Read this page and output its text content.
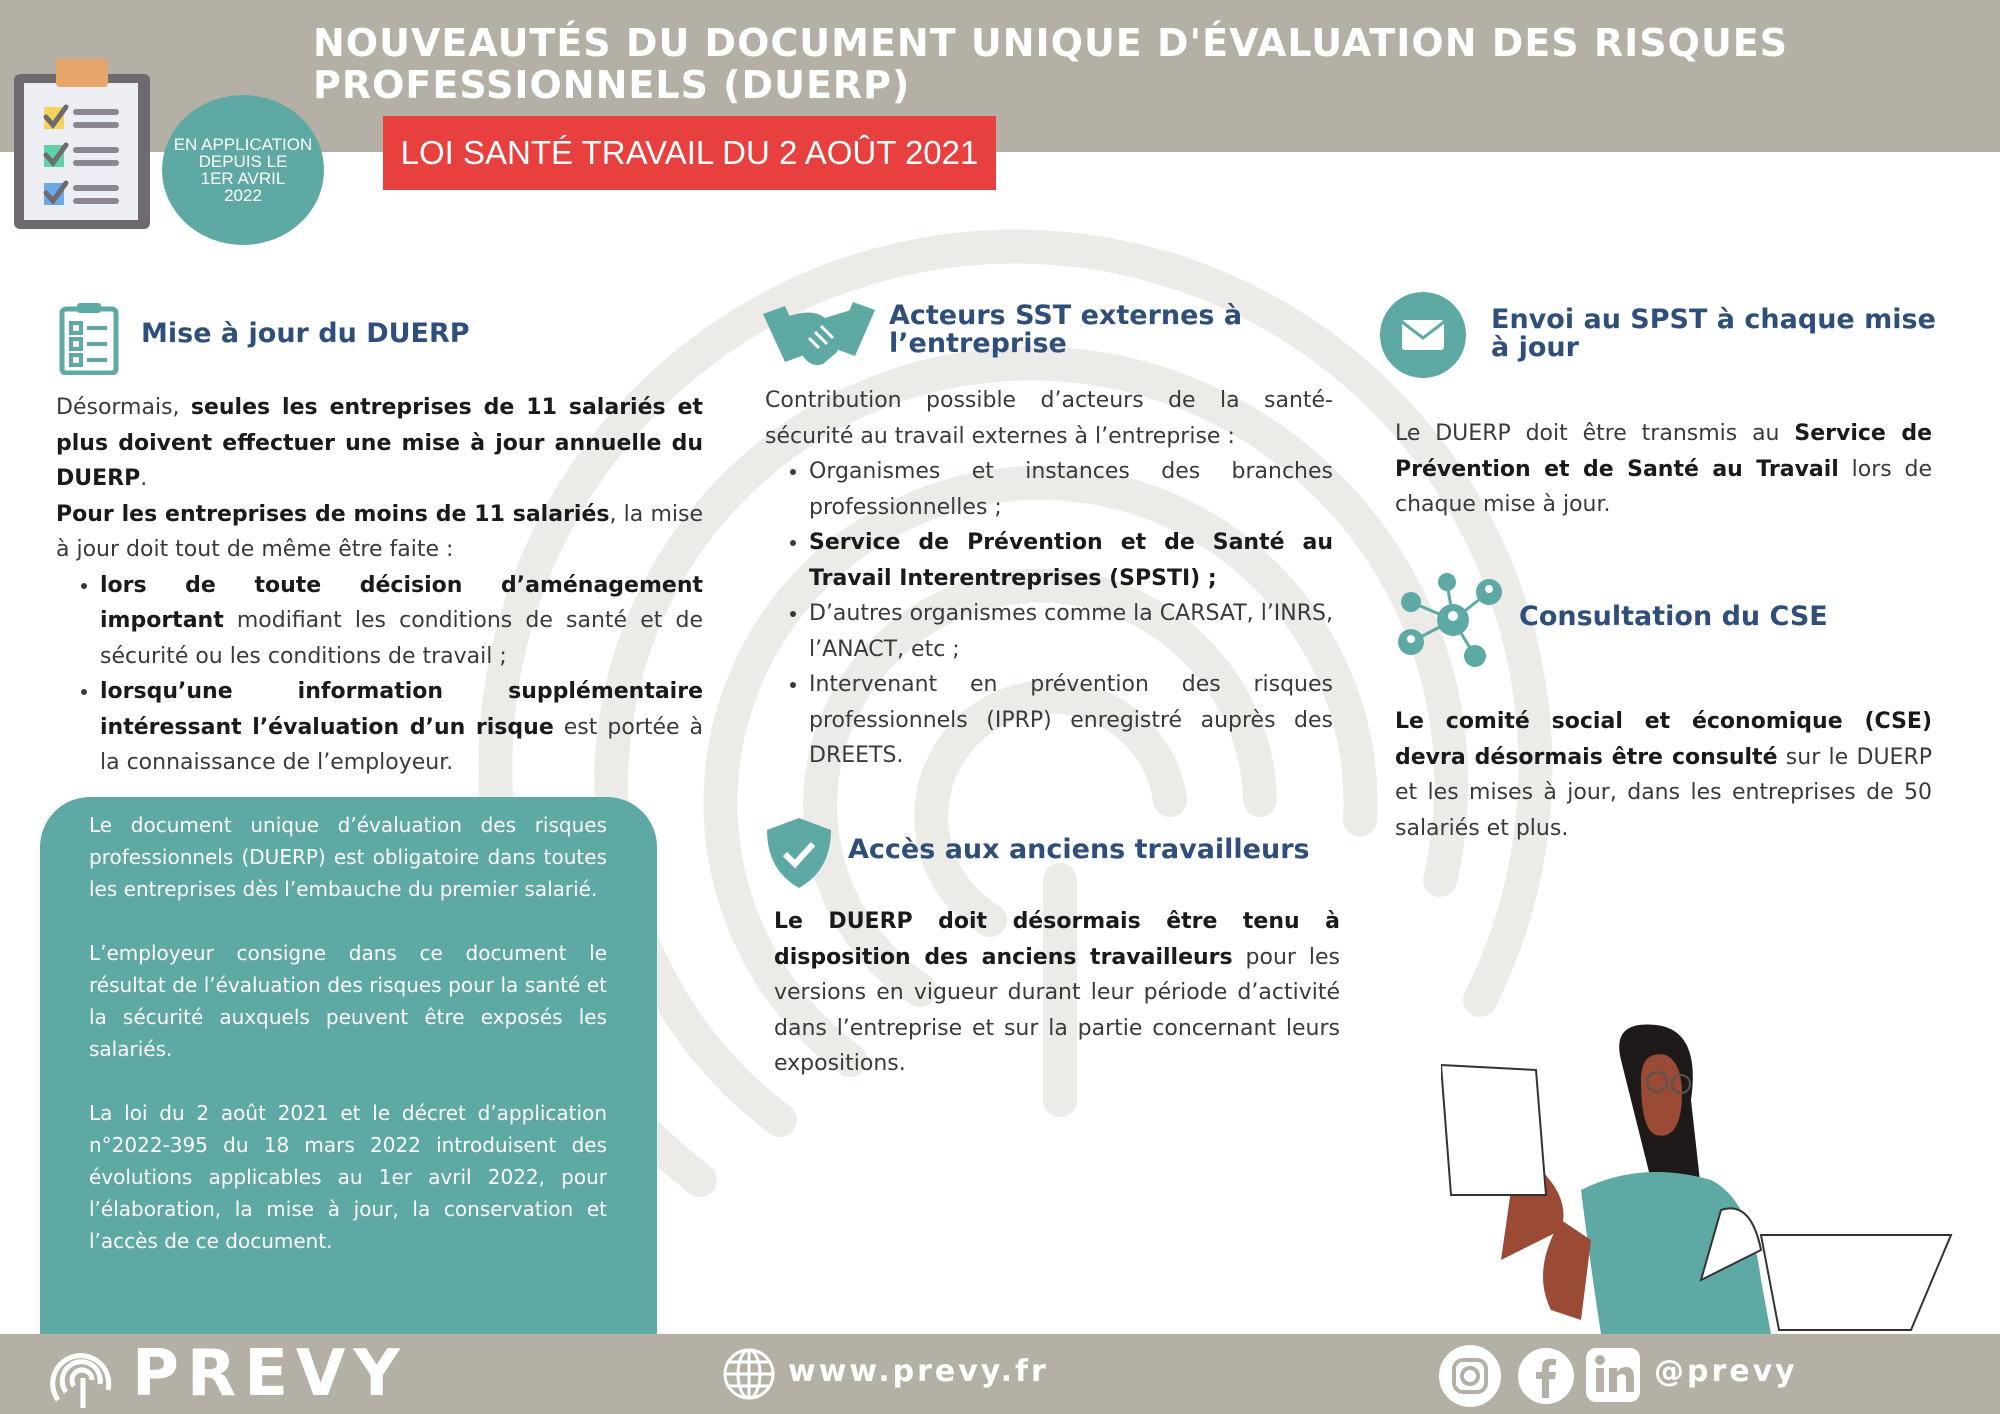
NOUVEAUTÉS DU DOCUMENT UNIQUE D'ÉVALUATION DES RISQUES
PROFESSIONNELS (DUERP)
LOI SANTÉ TRAVAIL DU 2 AOÛT 2021
EN APPLICATION
DEPUIS LE
1ER AVRIL
2022
Mise à jour du DUERP

Désormais, seules les entreprises de 11 salariés et plus doivent effectuer une mise à jour annuelle du DUERP.

Pour les entreprises de moins de 11 salariés, la mise à jour doit tout de même être faite :

• lors de toute décision d’aménagement important modifiant les conditions de santé et de sécurité ou les conditions de travail ;
• lorsqu’une information supplémentaire intéressant l’évaluation d’un risque est portée à la connaissance de l’employeur.

Le document unique d’évaluation des risques professionnels (DUERP) est obligatoire dans toutes les entreprises dès l’embauche du premier salarié.

L’employeur consigne dans ce document le résultat de l’évaluation des risques pour la santé et la sécurité auxquels peuvent être exposés les salariés.

La loi du 2 août 2021 et le décret d’application n°2022-395 du 18 mars 2022 introduisent des évolutions applicables au 1er avril 2022, pour l’élaboration, la mise à jour, la conservation et l’accès de ce document.

Acteurs SST externes à l’entreprise

Contribution possible d’acteurs de la santé-sécurité au travail externes à l’entreprise :

• Organismes et instances des branches professionnelles ;
• Service de Prévention et de Santé au Travail Interentreprises (SPSTI) ;
• D’autres organismes comme la CARSAT, l’INRS, l’ANACT, etc ;
• Intervenant en prévention des risques professionnels (IPRP) enregistré auprès des DREETS.
Accès aux anciens travailleurs

Le DUERP doit désormais être tenu à disposition des anciens travailleurs pour les versions en vigueur durant leur période d’activité dans l’entreprise et sur la partie concernant leurs expositions.

Envoi au SPST à chaque mise à jour

Le DUERP doit être transmis au Service de Prévention et de Santé au Travail lors de chaque mise à jour.

Consultation du CSE

Le comité social et économique (CSE) devra désormais être consulté sur le DUERP et les mises à jour, dans les entreprises de 50 salariés et plus.

PREVY	www.prevy.fr	@prevy
